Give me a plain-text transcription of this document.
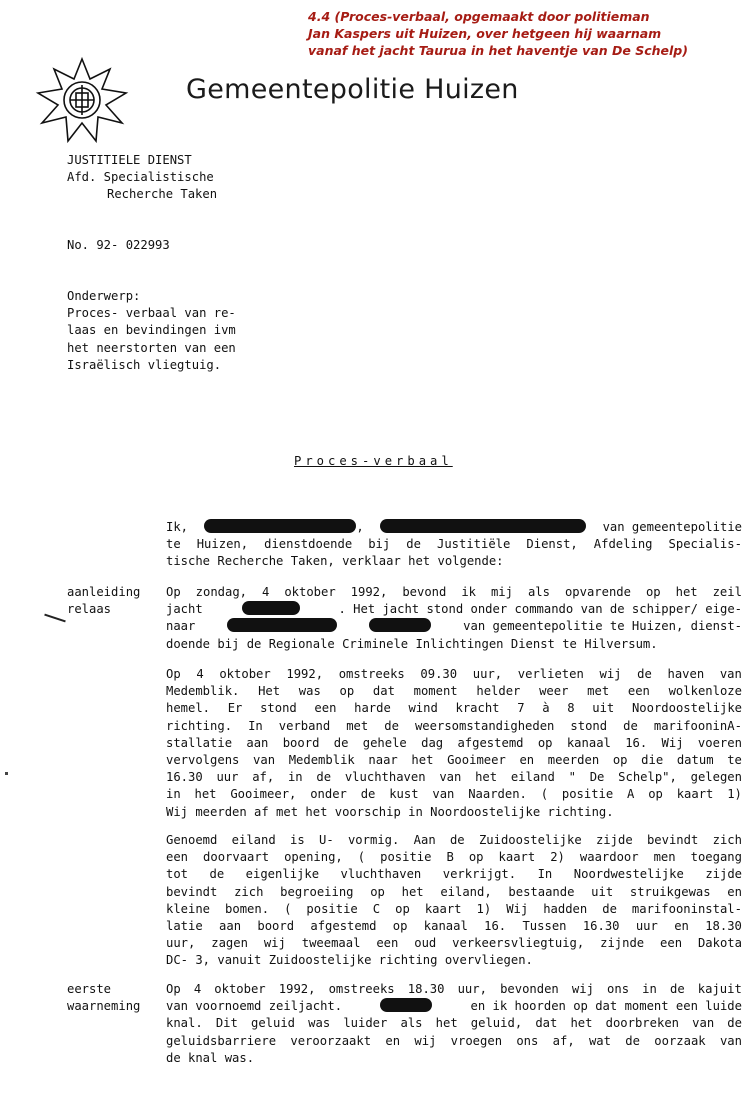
4.4 (Proces-verbaal, opgemaakt door politieman
Jan Kaspers uit Huizen, over hetgeen hij waarnam
vanaf het jacht Taurua in het haventje van De Schelp)
Gemeentepolitie Huizen
JUSTITIELE DIENST
Afd. Specialistische
Recherche Taken
No. 92- 022993
Onderwerp:
Proces- verbaal van re-
laas en bevindingen ivm
het neerstorten van een
Israëlisch vliegtuig.
Proces-verbaal
Ik,	,	van gemeentepolitie
te Huizen, dienstdoende bij de Justitiële Dienst, Afdeling Specialis-
tische Recherche Taken, verklaar het volgende:
aanleiding
relaas
Op zondag, 4 oktober 1992, bevond ik mij als opvarende op het zeil
jacht	. Het jacht stond onder commando van de schipper/ eige-
naar	van gemeentepolitie te Huizen, dienst-
doende bij de Regionale Criminele Inlichtingen Dienst te Hilversum.
Op 4 oktober 1992, omstreeks 09.30 uur, verlieten wij de haven van
Medemblik. Het was op dat moment helder weer met een wolkenloze
hemel. Er stond een harde wind kracht 7 à 8 uit Noordoostelijke
richting. In verband met de weersomstandigheden stond de marifooninA-
stallatie aan boord de gehele dag afgestemd op kanaal 16. Wij voeren
vervolgens van Medemblik naar het Gooimeer en meerden op die datum te
16.30 uur af, in de vluchthaven van het eiland " De Schelp", gelegen
in het Gooimeer, onder de kust van Naarden. ( positie A op kaart 1)
Wij meerden af met het voorschip in Noordoostelijke richting.
Genoemd eiland is U- vormig. Aan de Zuidoostelijke zijde bevindt zich
een doorvaart opening, ( positie B op kaart 2) waardoor men toegang
tot de eigenlijke vluchthaven verkrijgt. In Noordwestelijke zijde
bevindt zich begroeiing op het eiland, bestaande uit struikgewas en
kleine bomen. ( positie C op kaart 1) Wij hadden de marifooninstal-
latie aan boord afgestemd op kanaal 16. Tussen 16.30 uur en 18.30
uur, zagen wij tweemaal een oud verkeersvliegtuig, zijnde een Dakota
DC- 3, vanuit Zuidoostelijke richting overvliegen.
eerste
waarneming
Op 4 oktober 1992, omstreeks 18.30 uur, bevonden wij ons in de kajuit
van voornoemd zeiljacht.	en ik hoorden op dat moment een luide
knal. Dit geluid was luider als het geluid, dat het doorbreken van de
geluidsbarriere veroorzaakt en wij vroegen ons af, wat de oorzaak van
de knal was.
